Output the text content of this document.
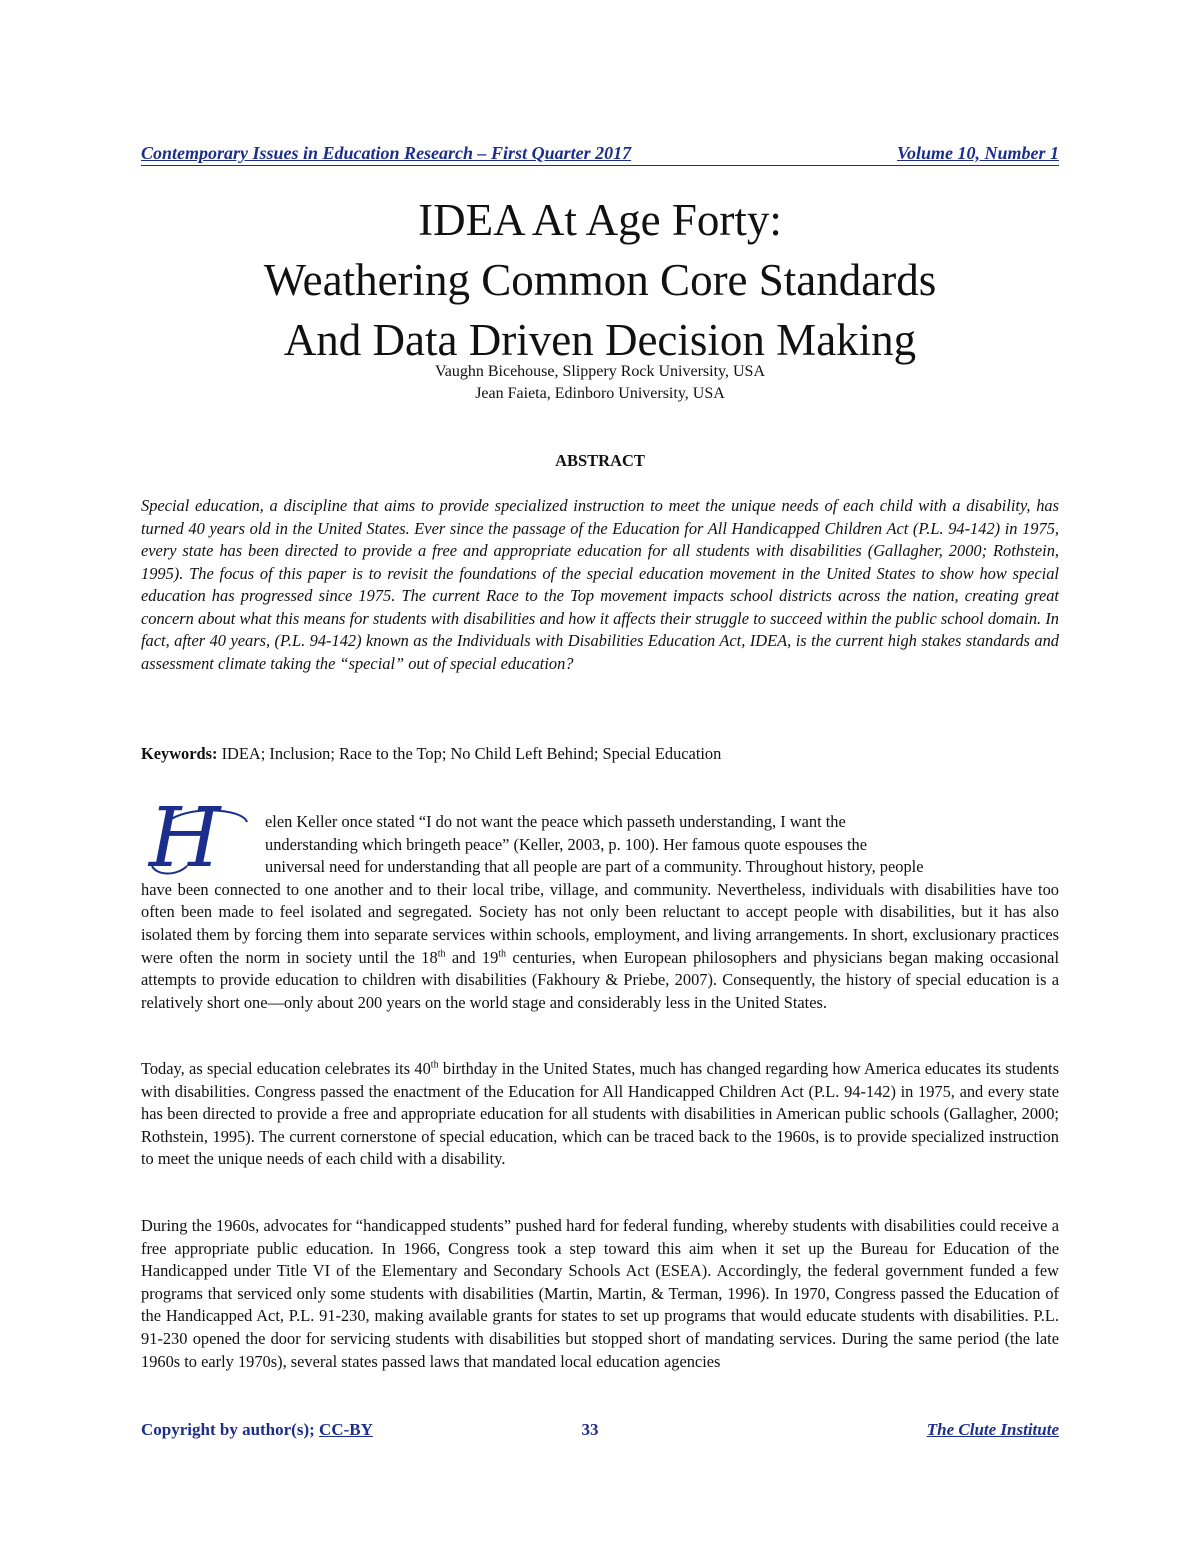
Contemporary Issues in Education Research – First Quarter 2017	Volume 10, Number 1
IDEA At Age Forty:
Weathering Common Core Standards
And Data Driven Decision Making
Vaughn Bicehouse, Slippery Rock University, USA
Jean Faieta, Edinboro University, USA
ABSTRACT

Special education, a discipline that aims to provide specialized instruction to meet the unique needs of each child with a disability, has turned 40 years old in the United States. Ever since the passage of the Education for All Handicapped Children Act (P.L. 94-142) in 1975, every state has been directed to provide a free and appropriate education for all students with disabilities (Gallagher, 2000; Rothstein, 1995). The focus of this paper is to revisit the foundations of the special education movement in the United States to show how special education has progressed since 1975. The current Race to the Top movement impacts school districts across the nation, creating great concern about what this means for students with disabilities and how it affects their struggle to succeed within the public school domain. In fact, after 40 years, (P.L. 94-142) known as the Individuals with Disabilities Education Act, IDEA, is the current high stakes standards and assessment climate taking the “special” out of special education?

Keywords: IDEA; Inclusion; Race to the Top; No Child Left Behind; Special Education
H	elen Keller once stated “I do not want the peace which passeth understanding, I want the
understanding which bringeth peace” (Keller, 2003, p. 100). Her famous quote espouses the
universal need for understanding that all people are part of a community. Throughout history, people
have been connected to one another and to their local tribe, village, and community. Nevertheless, individuals with disabilities have too often been made to feel isolated and segregated. Society has not only been reluctant to accept people with disabilities, but it has also isolated them by forcing them into separate services within schools, employment, and living arrangements. In short, exclusionary practices were often the norm in society until the 18th and 19th centuries, when European philosophers and physicians began making occasional attempts to provide education to children with disabilities (Fakhoury & Priebe, 2007). Consequently, the history of special education is a relatively short one—only about 200 years on the world stage and considerably less in the United States.

Today, as special education celebrates its 40th birthday in the United States, much has changed regarding how America educates its students with disabilities. Congress passed the enactment of the Education for All Handicapped Children Act (P.L. 94-142) in 1975, and every state has been directed to provide a free and appropriate education for all students with disabilities in American public schools (Gallagher, 2000; Rothstein, 1995). The current cornerstone of special education, which can be traced back to the 1960s, is to provide specialized instruction to meet the unique needs of each child with a disability.

During the 1960s, advocates for “handicapped students” pushed hard for federal funding, whereby students with disabilities could receive a free appropriate public education. In 1966, Congress took a step toward this aim when it set up the Bureau for Education of the Handicapped under Title VI of the Elementary and Secondary Schools Act (ESEA). Accordingly, the federal government funded a few programs that serviced only some students with disabilities (Martin, Martin, & Terman, 1996). In 1970, Congress passed the Education of the Handicapped Act, P.L. 91-230, making available grants for states to set up programs that would educate students with disabilities. P.L. 91-230 opened the door for servicing students with disabilities but stopped short of mandating services. During the same period (the late 1960s to early 1970s), several states passed laws that mandated local education agencies

Copyright by author(s); CC-BY	33	The Clute Institute
